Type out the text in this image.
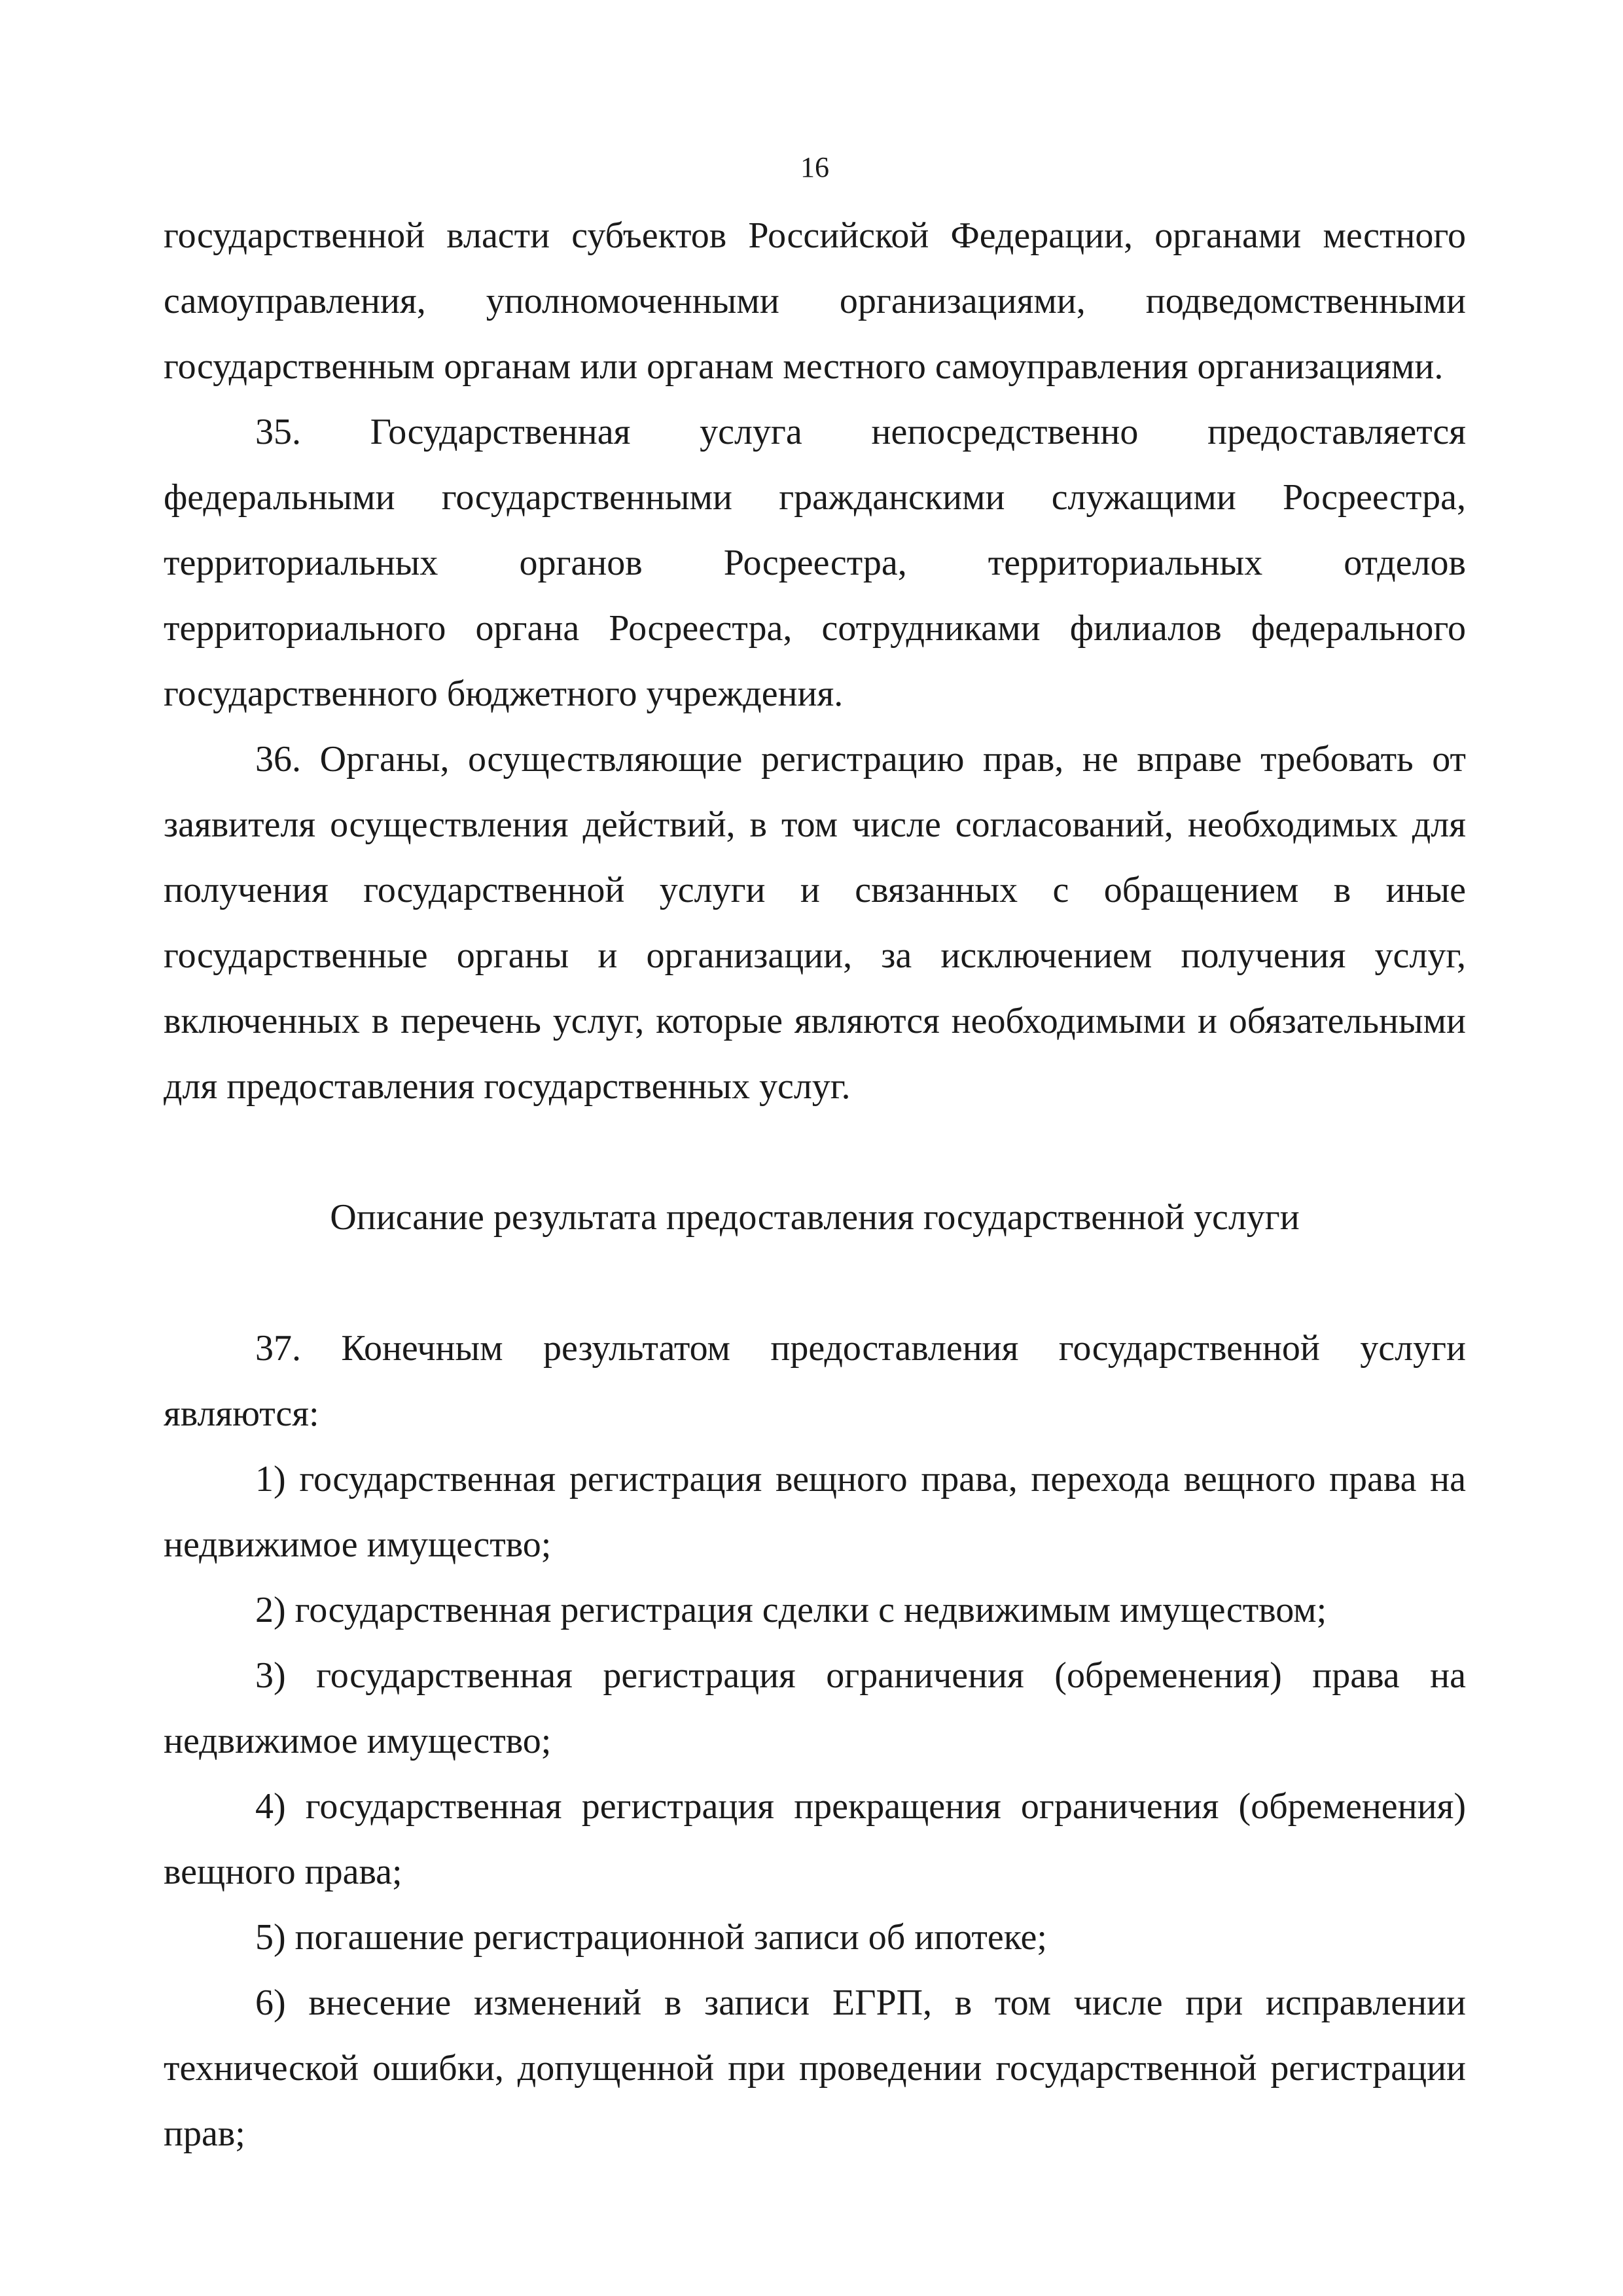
16

государственной власти субъектов Российской Федерации, органами местного самоуправления, уполномоченными организациями, подведомственными государственным органам или органам местного самоуправления организациями.

35. Государственная услуга непосредственно предоставляется федеральными государственными гражданскими служащими Росреестра, территориальных органов Росреестра, территориальных отделов территориального органа Росреестра, сотрудниками филиалов федерального государственного бюджетного учреждения.

36. Органы, осуществляющие регистрацию прав, не вправе требовать от заявителя осуществления действий, в том числе согласований, необходимых для получения государственной услуги и связанных с обращением в иные государственные органы и организации, за исключением получения услуг, включенных в перечень услуг, которые являются необходимыми и обязательными для предоставления государственных услуг.

Описание результата предоставления государственной услуги

37. Конечным результатом предоставления государственной услуги являются:

1) государственная регистрация вещного права, перехода вещного права на недвижимое имущество;

2) государственная регистрация сделки с недвижимым имуществом;

3) государственная регистрация ограничения (обременения) права на недвижимое имущество;

4) государственная регистрация прекращения ограничения (обременения) вещного права;

5) погашение регистрационной записи об ипотеке;

6) внесение изменений в записи ЕГРП, в том числе при исправлении технической ошибки, допущенной при проведении государственной регистрации прав;
